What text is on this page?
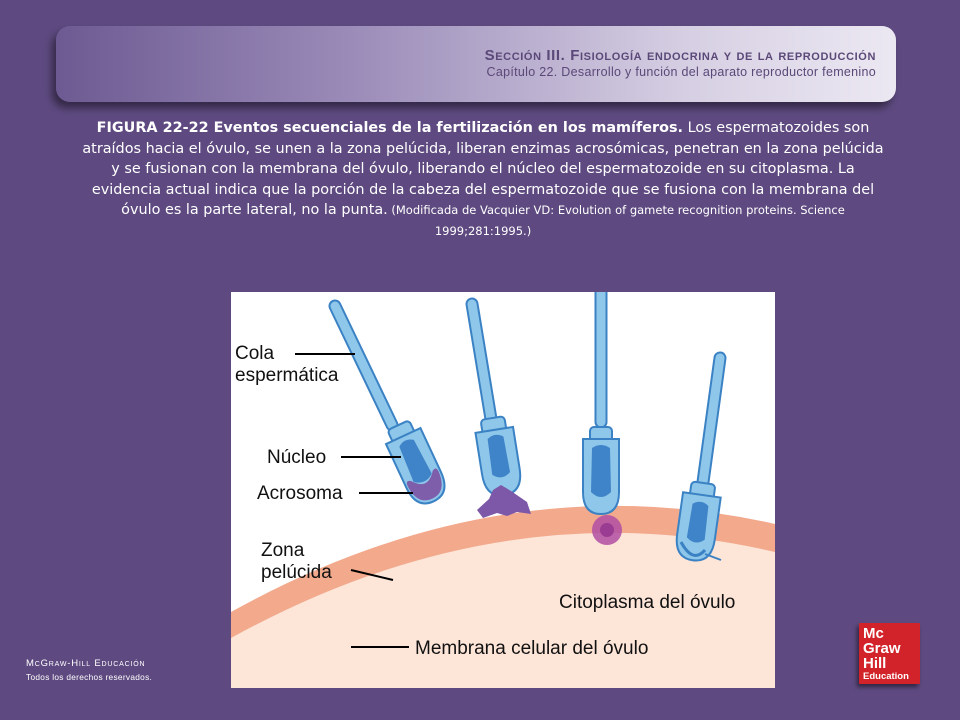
Sección III. Fisiología endocrina y de la reproducción
Capítulo 22. Desarrollo y función del aparato reproductor femenino
FIGURA 22-22 Eventos secuenciales de la fertilización en los mamíferos. Los espermatozoides son atraídos hacia el óvulo, se unen a la zona pelúcida, liberan enzimas acrosómicas, penetran en la zona pelúcida y se fusionan con la membrana del óvulo, liberando el núcleo del espermatozoide en su citoplasma. La evidencia actual indica que la porción de la cabeza del espermatozoide que se fusiona con la membrana del óvulo es la parte lateral, no la punta. (Modificada de Vacquier VD: Evolution of gamete recognition proteins. Science 1999;281:1995.)
Cola
espermática
Núcleo
Acrosoma
Zona
pelúcida
Citoplasma del óvulo
Membrana celular del óvulo
McGraw-Hill Educación
Todos los derechos reservados.
Mc
Graw
Hill
Education
